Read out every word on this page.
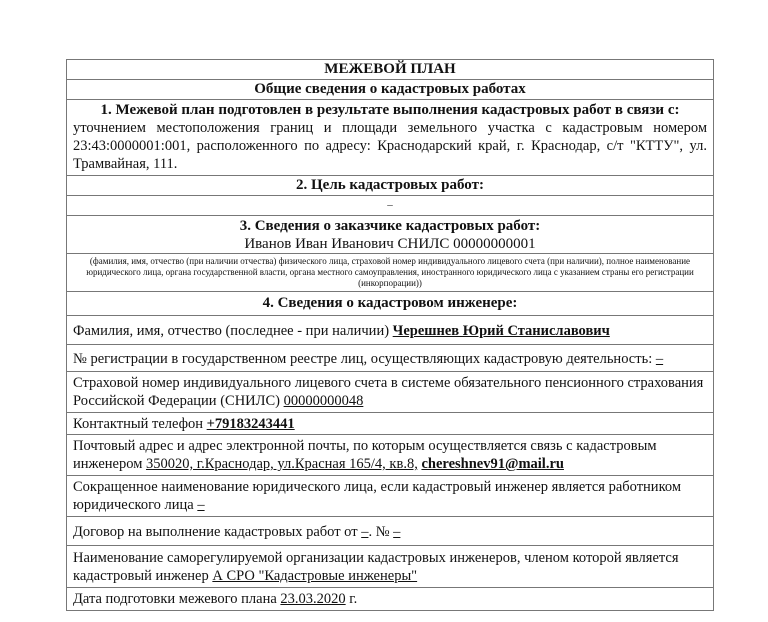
МЕЖЕВОЙ ПЛАН
Общие сведения о кадастровых работах

1. Межевой план подготовлен в результате выполнения кадастровых работ в связи с:
уточнением местоположения границ и площади земельного участка с кадастровым номером 23:43:0000001:001, расположенного по адресу: Краснодарский край, г. Краснодар, с/т "КТТУ", ул. Трамвайная, 111.

2. Цель кадастровых работ:
–

3. Сведения о заказчике кадастровых работ:
Иванов Иван Иванович СНИЛС 00000000001

(фамилия, имя, отчество (при наличии отчества) физического лица, страховой номер индивидуального лицевого счета (при наличии), полное наименование юридического лица, органа государственной власти, органа местного самоуправления, иностранного юридического лица с указанием страны его регистрации (инкорпорации))
4. Сведения о кадастровом инженере:
Фамилия, имя, отчество (последнее - при наличии) Черешнев Юрий Станиславович
№ регистрации в государственном реестре лиц, осуществляющих кадастровую деятельность: –
Страховой номер индивидуального лицевого счета в системе обязательного пенсионного страхования Российской Федерации (СНИЛС) 00000000048
Контактный телефон +79183243441
Почтовый адрес и адрес электронной почты, по которым осуществляется связь с кадастровым инженером 350020, г.Краснодар, ул.Красная 165/4, кв.8, chereshnev91@mail.ru
Сокращенное наименование юридического лица, если кадастровый инженер является работником юридического лица –
Договор на выполнение кадастровых работ от –. № –
Наименование саморегулируемой организации кадастровых инженеров, членом которой является кадастровый инженер А СРО "Кадастровые инженеры"
Дата подготовки межевого плана 23.03.2020 г.
